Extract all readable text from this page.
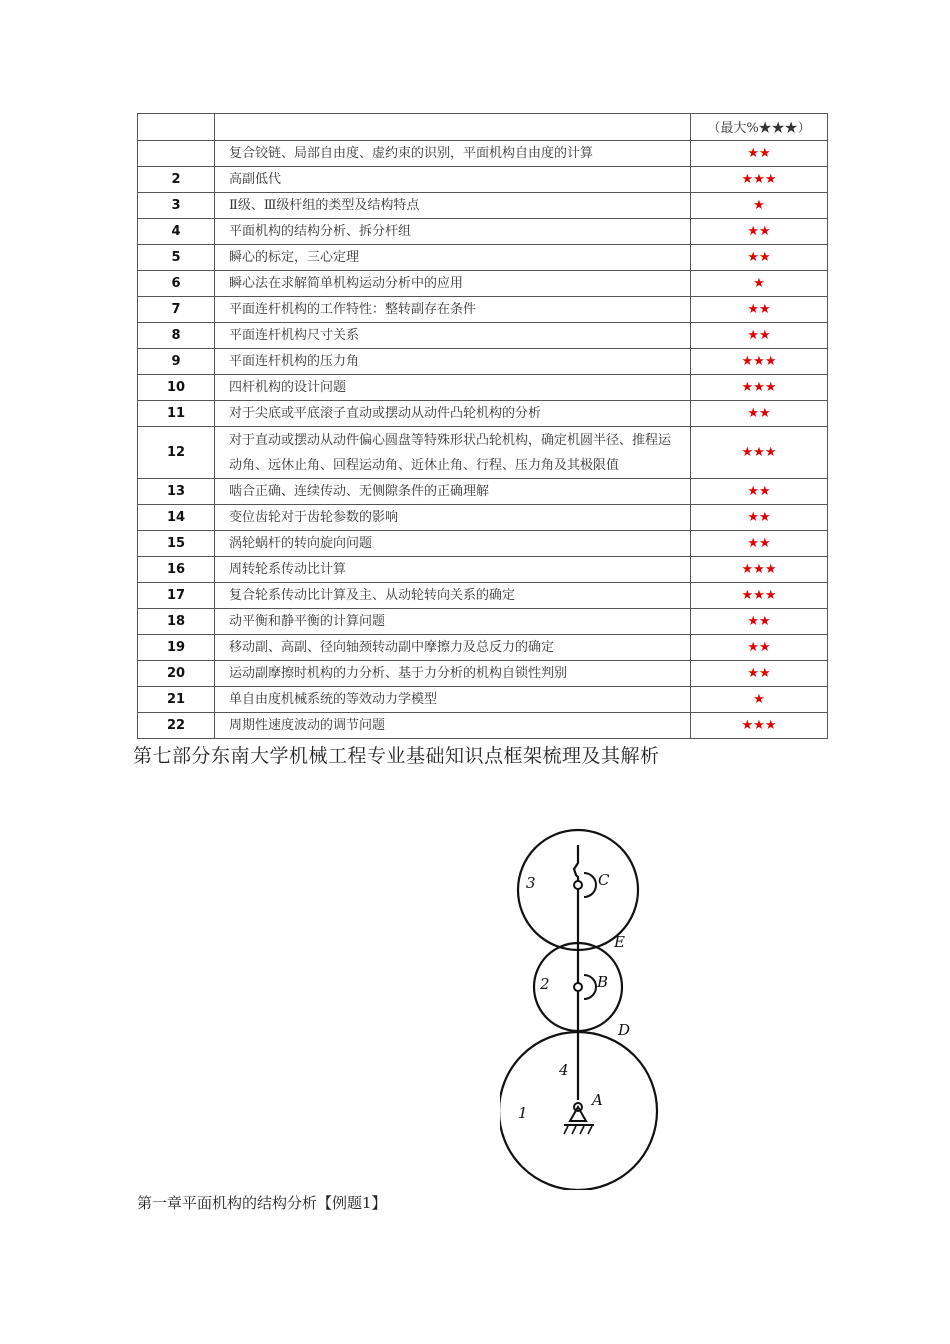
		（最大%★★★）
	复合铰链、局部自由度、虚约束的识别，平面机构自由度的计算	★★
2	高副低代	★★★
3	Ⅱ级、Ⅲ级杆组的类型及结构特点	★
4	平面机构的结构分析、拆分杆组	★★
5	瞬心的标定，三心定理	★★
6	瞬心法在求解简单机构运动分析中的应用	★
7	平面连杆机构的工作特性：整转副存在条件	★★
8	平面连杆机构尺寸关系	★★
9	平面连杆机构的压力角	★★★
10	四杆机构的设计问题	★★★
11	对于尖底或平底滚子直动或摆动从动件凸轮机构的分析	★★
12	对于直动或摆动从动件偏心圆盘等特殊形状凸轮机构，确定机圆半径、推程运动角、远休止角、回程运动角、近休止角、行程、压力角及其极限值	★★★
13	啮合正确、连续传动、无侧隙条件的正确理解	★★
14	变位齿轮对于齿轮参数的影响	★★
15	涡轮蜗杆的转向旋向问题	★★
16	周转轮系传动比计算	★★★
17	复合轮系传动比计算及主、从动轮转向关系的确定	★★★
18	动平衡和静平衡的计算问题	★★
19	移动副、高副、径向轴颈转动副中摩擦力及总反力的确定	★★
20	运动副摩擦时机构的力分析、基于力分析的机构自锁性判别	★★
21	单自由度机械系统的等效动力学模型	★
22	周期性速度波动的调节问题	★★★
第七部分东南大学机械工程专业基础知识点框架梳理及其解析
3	C
E
2	B
D
4
A
1
第一章平面机构的结构分析【例题1】
